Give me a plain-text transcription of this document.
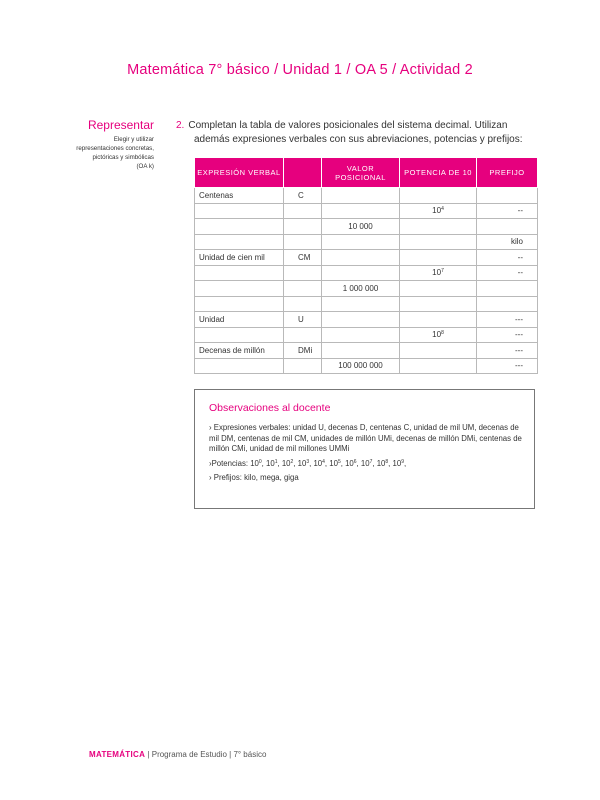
Matemática 7° básico / Unidad 1 / OA 5 / Actividad 2
Representar
Elegir y utilizar
representaciones concretas,
pictóricas y simbólicas
(OA k)
2. Completan la tabla de valores posicionales del sistema decimal. Utilizan
además expresiones verbales con sus abreviaciones, potencias y prefijos:
EXPRESIÓN VERBAL		VALOR POSICIONAL	POTENCIA DE 10	PREFIJO
Centenas	C			
			$10^4$	--
		10 000		
				kilo
Unidad de cien mil	CM			--
			$10^7$	--
		1 000 000		

Unidad	U			---
			$10^8$	---
Decenas de millón	DMi			---
		100 000 000		---
Observaciones al docente
› Expresiones verbales: unidad U, decenas D, centenas C, unidad de mil UM, decenas de mil DM, centenas de mil CM, unidades de millón UMi, decenas de millón DMi, centenas de millón CMi, unidad de mil millones UMMi
›Potencias: $10^0$, $10^1$, $10^2$, $10^3$, $10^4$, $10^5$, $10^6$, $10^7$, $10^8$, $10^9$,
› Prefijos: kilo, mega, giga
MATEMÁTICA | Programa de Estudio | 7° básico
